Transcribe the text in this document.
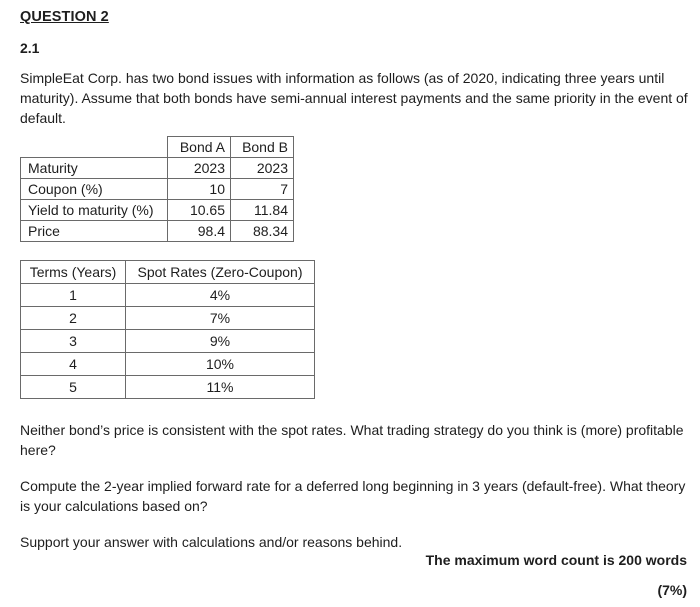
QUESTION 2
2.1
SimpleEat Corp. has two bond issues with information as follows (as of 2020, indicating three years until maturity). Assume that both bonds have semi-annual interest payments and the same priority in the event of default.
	Bond A	Bond B
Maturity	2023	2023
Coupon (%)	10	7
Yield to maturity (%)	10.65	11.84
Price	98.4	88.34
Terms (Years)	Spot Rates (Zero-Coupon)
1	4%
2	7%
3	9%
4	10%
5	11%
Neither bond’s price is consistent with the spot rates. What trading strategy do you think is (more) profitable here?
Compute the 2-year implied forward rate for a deferred long beginning in 3 years (default-free). What theory is your calculations based on?
Support your answer with calculations and/or reasons behind.
The maximum word count is 200 words
(7%)
